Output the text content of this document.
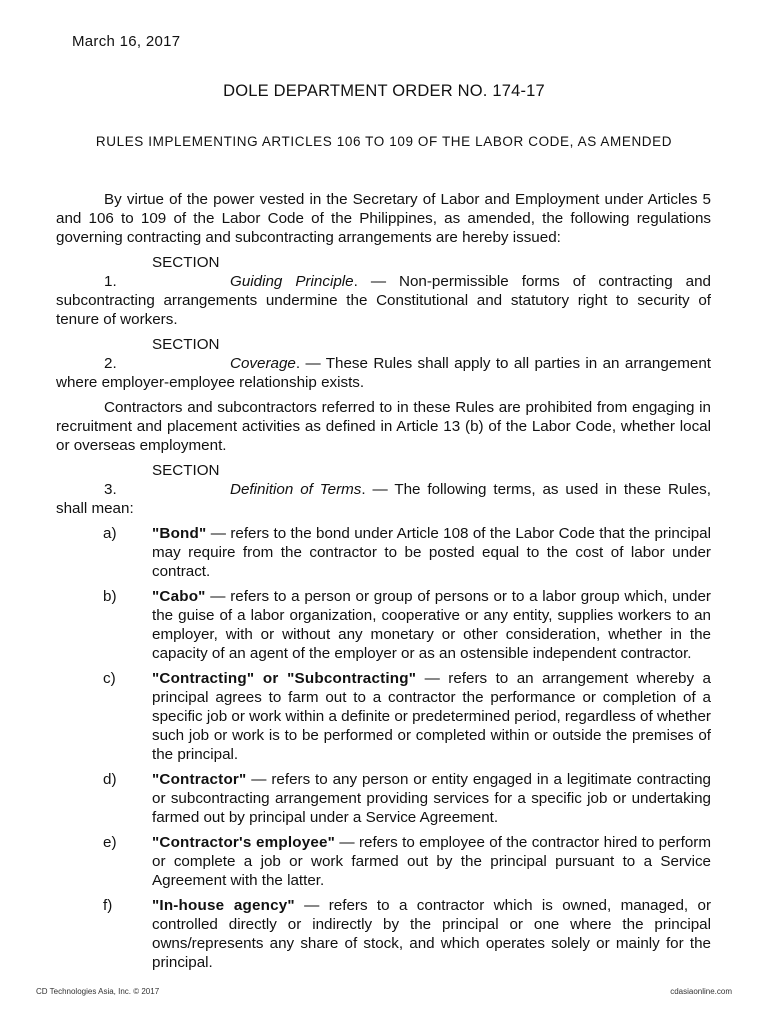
March 16, 2017
DOLE DEPARTMENT ORDER NO. 174-17
RULES IMPLEMENTING ARTICLES 106 TO 109 OF THE LABOR CODE, AS AMENDED

By virtue of the power vested in the Secretary of Labor and Employment under Articles 5 and 106 to 109 of the Labor Code of the Philippines, as amended, the following regulations governing contracting and subcontracting arrangements are hereby issued:

SECTION 1.	Guiding Principle. — Non-permissible forms of contracting and subcontracting arrangements undermine the Constitutional and statutory right to security of tenure of workers.

SECTION 2.	Coverage. — These Rules shall apply to all parties in an arrangement where employer-employee relationship exists.

Contractors and subcontractors referred to in these Rules are prohibited from engaging in recruitment and placement activities as defined in Article 13 (b) of the Labor Code, whether local or overseas employment.

SECTION 3.	Definition of Terms. — The following terms, as used in these Rules, shall mean:

a) "Bond" — refers to the bond under Article 108 of the Labor Code that the principal may require from the contractor to be posted equal to the cost of labor under contract.
b) "Cabo" — refers to a person or group of persons or to a labor group which, under the guise of a labor organization, cooperative or any entity, supplies workers to an employer, with or without any monetary or other consideration, whether in the capacity of an agent of the employer or as an ostensible independent contractor.
c) "Contracting" or "Subcontracting" — refers to an arrangement whereby a principal agrees to farm out to a contractor the performance or completion of a specific job or work within a definite or predetermined period, regardless of whether such job or work is to be performed or completed within or outside the premises of the principal.
d) "Contractor" — refers to any person or entity engaged in a legitimate contracting or subcontracting arrangement providing services for a specific job or undertaking farmed out by principal under a Service Agreement.
e) "Contractor's employee" — refers to employee of the contractor hired to perform or complete a job or work farmed out by the principal pursuant to a Service Agreement with the latter.
f)	"In-house agency" — refers to a contractor which is owned, managed, or controlled directly or indirectly by the principal or one where the principal owns/represents any share of stock, and which operates solely or mainly for the principal.
CD Technologies Asia, Inc. © 2017	cdasiaonline.com
